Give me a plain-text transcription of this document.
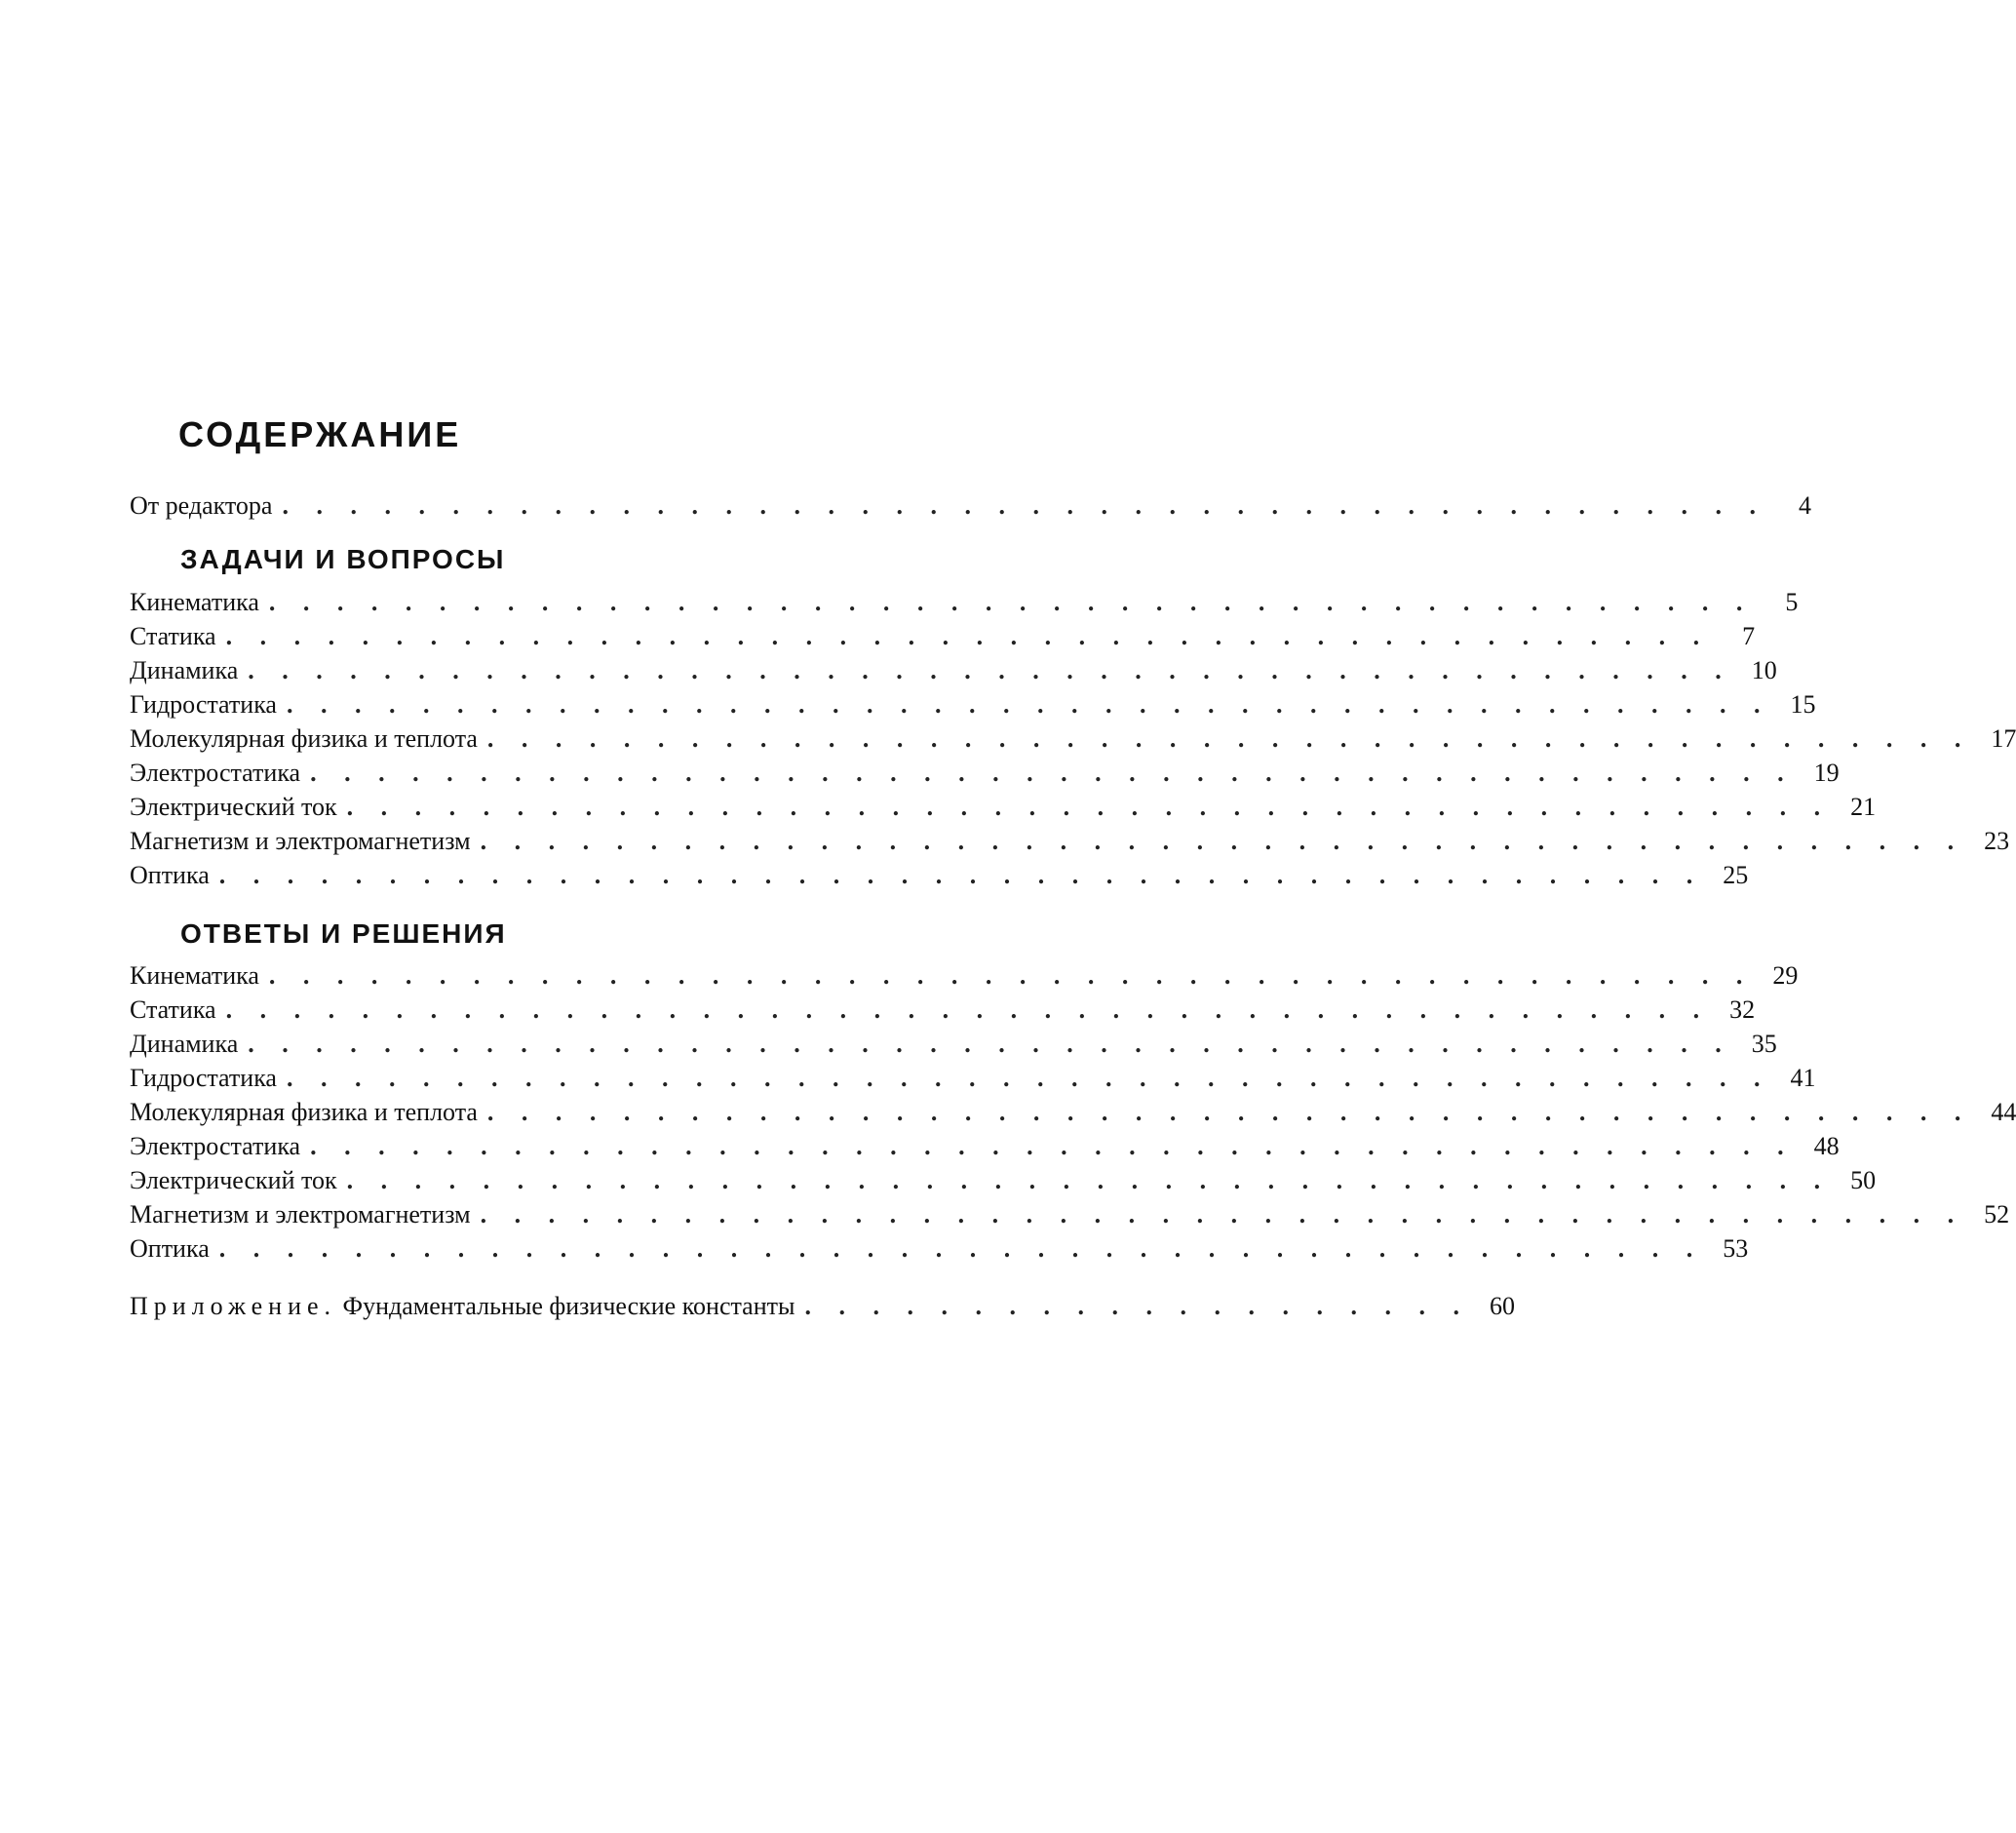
СОДЕРЖАНИЕ
От редактора . . . . . . . . . . . . . . . . . . . . . . . . . . . . . . . . . . . . . . . . . . . .	4
ЗАДАЧИ И ВОПРОСЫ
Кинематика . . . . . . . . . . . . . . . . . . . . . . . . . . . . . . . . . . . . . . . . . . . .	5
Статика . . . . . . . . . . . . . . . . . . . . . . . . . . . . . . . . . . . . . . . . . . . .	7
Динамика . . . . . . . . . . . . . . . . . . . . . . . . . . . . . . . . . . . . . . . . . . . . 10
Гидростатика . . . . . . . . . . . . . . . . . . . . . . . . . . . . . . . . . . . . . . . . . . . . 15
Молекулярная физика и теплота . . . . . . . . . . . . . . . . . . . . . . . . . . . . . . . . . . . . . . . . . . . . 17
Электростатика . . . . . . . . . . . . . . . . . . . . . . . . . . . . . . . . . . . . . . . . . . . . 19
Электрический ток . . . . . . . . . . . . . . . . . . . . . . . . . . . . . . . . . . . . . . . . . . . . 21
Магнетизм и электромагнетизм . . . . . . . . . . . . . . . . . . . . . . . . . . . . . . . . . . . . . . . . . . . . 23
Оптика . . . . . . . . . . . . . . . . . . . . . . . . . . . . . . . . . . . . . . . . . . . . 25
ОТВЕТЫ И РЕШЕНИЯ
Кинематика . . . . . . . . . . . . . . . . . . . . . . . . . . . . . . . . . . . . . . . . . . . . 29
Статика . . . . . . . . . . . . . . . . . . . . . . . . . . . . . . . . . . . . . . . . . . . . 32
Динамика . . . . . . . . . . . . . . . . . . . . . . . . . . . . . . . . . . . . . . . . . . . . 35
Гидростатика . . . . . . . . . . . . . . . . . . . . . . . . . . . . . . . . . . . . . . . . . . . . 41
Молекулярная физика и теплота . . . . . . . . . . . . . . . . . . . . . . . . . . . . . . . . . . . . . . . . . . . . 44
Электростатика . . . . . . . . . . . . . . . . . . . . . . . . . . . . . . . . . . . . . . . . . . . . 48
Электрический ток . . . . . . . . . . . . . . . . . . . . . . . . . . . . . . . . . . . . . . . . . . . . 50
Магнетизм и электромагнетизм . . . . . . . . . . . . . . . . . . . . . . . . . . . . . . . . . . . . . . . . . . . . 52
Оптика . . . . . . . . . . . . . . . . . . . . . . . . . . . . . . . . . . . . . . . . . . . . 53
Приложение. Фундаментальные физические константы . . . . . . . . . . . . . . . . . . . . 60
